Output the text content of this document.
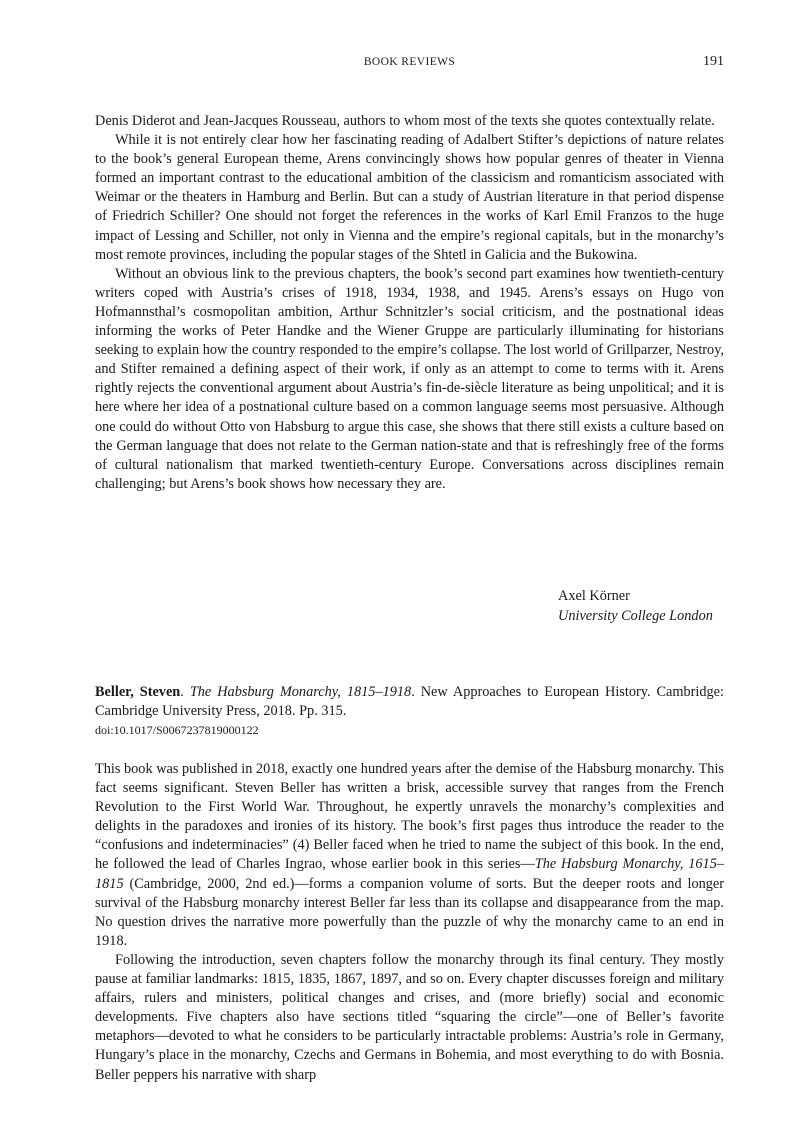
BOOK REVIEWS	191

Denis Diderot and Jean-Jacques Rousseau, authors to whom most of the texts she quotes contextually relate.

While it is not entirely clear how her fascinating reading of Adalbert Stifter’s depictions of nature relates to the book’s general European theme, Arens convincingly shows how popular genres of theater in Vienna formed an important contrast to the educational ambition of the classicism and romanticism associated with Weimar or the theaters in Hamburg and Berlin. But can a study of Austrian literature in that period dispense of Friedrich Schiller? One should not forget the references in the works of Karl Emil Franzos to the huge impact of Lessing and Schiller, not only in Vienna and the empire’s regional capitals, but in the monarchy’s most remote provinces, including the popular stages of the Shtetl in Galicia and the Bukowina.

Without an obvious link to the previous chapters, the book’s second part examines how twentieth-century writers coped with Austria’s crises of 1918, 1934, 1938, and 1945. Arens’s essays on Hugo von Hofmannsthal’s cosmopolitan ambition, Arthur Schnitzler’s social criticism, and the postnational ideas informing the works of Peter Handke and the Wiener Gruppe are particularly illuminating for historians seeking to explain how the country responded to the empire’s collapse. The lost world of Grillparzer, Nestroy, and Stifter remained a defining aspect of their work, if only as an attempt to come to terms with it. Arens rightly rejects the conventional argument about Austria’s fin-de-siècle literature as being unpolitical; and it is here where her idea of a postnational culture based on a common language seems most persuasive. Although one could do without Otto von Habsburg to argue this case, she shows that there still exists a culture based on the German language that does not relate to the German nation-state and that is refreshingly free of the forms of cultural nationalism that marked twentieth-century Europe. Conversations across disciplines remain challenging; but Arens’s book shows how necessary they are.

Axel Körner
University College London
Beller, Steven. The Habsburg Monarchy, 1815–1918. New Approaches to European History. Cambridge: Cambridge University Press, 2018. Pp. 315.
doi:10.1017/S0067237819000122

This book was published in 2018, exactly one hundred years after the demise of the Habsburg monarchy. This fact seems significant. Steven Beller has written a brisk, accessible survey that ranges from the French Revolution to the First World War. Throughout, he expertly unravels the monarchy’s complexities and delights in the paradoxes and ironies of its history. The book’s first pages thus introduce the reader to the “confusions and indeterminacies” (4) Beller faced when he tried to name the subject of this book. In the end, he followed the lead of Charles Ingrao, whose earlier book in this series—The Habsburg Monarchy, 1615–1815 (Cambridge, 2000, 2nd ed.)—forms a companion volume of sorts. But the deeper roots and longer survival of the Habsburg monarchy interest Beller far less than its collapse and disappearance from the map. No question drives the narrative more powerfully than the puzzle of why the monarchy came to an end in 1918.

Following the introduction, seven chapters follow the monarchy through its final century. They mostly pause at familiar landmarks: 1815, 1835, 1867, 1897, and so on. Every chapter discusses foreign and military affairs, rulers and ministers, political changes and crises, and (more briefly) social and economic developments. Five chapters also have sections titled “squaring the circle”—one of Beller’s favorite metaphors—devoted to what he considers to be particularly intractable problems: Austria’s role in Germany, Hungary’s place in the monarchy, Czechs and Germans in Bohemia, and most everything to do with Bosnia. Beller peppers his narrative with sharp
